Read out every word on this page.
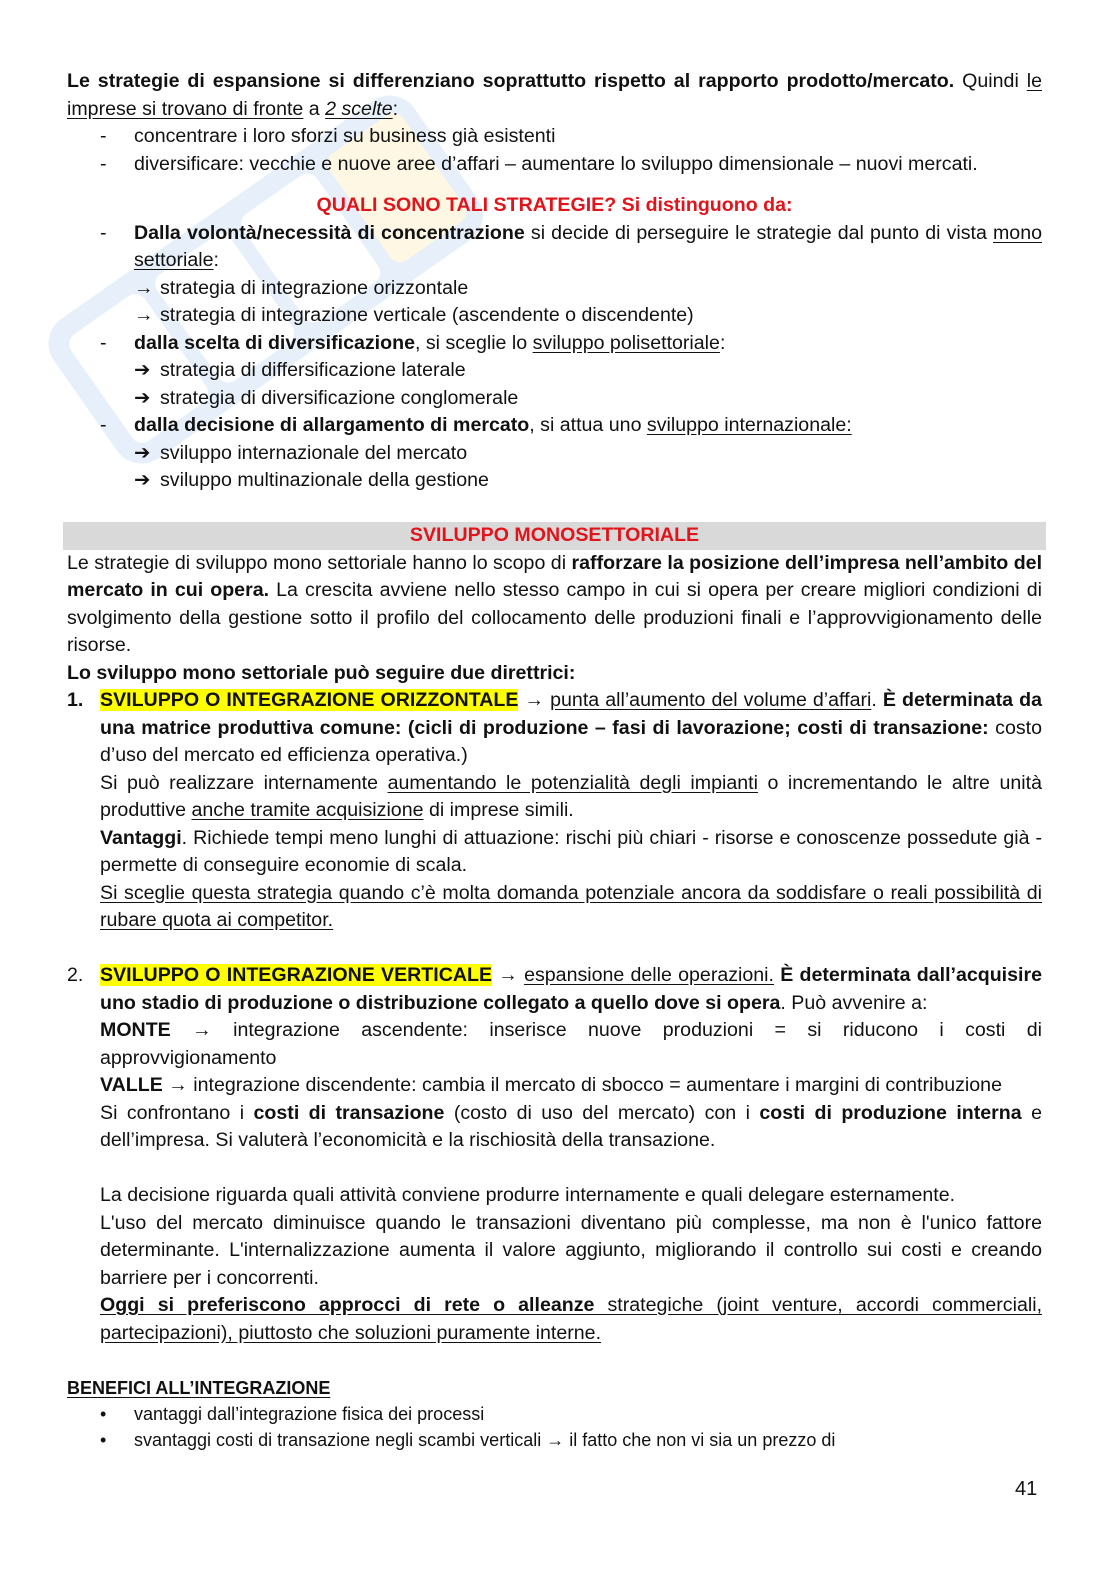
Le strategie di espansione si differenziano soprattutto rispetto al rapporto prodotto/mercato. Quindi le imprese si trovano di fronte a 2 scelte:

-	concentrare i loro sforzi su business già esistenti
-	diversificare: vecchie e nuove aree d’affari – aumentare lo sviluppo dimensionale – nuovi mercati.

QUALI SONO TALI STRATEGIE? Si distinguono da:

-	Dalla volontà/necessità di concentrazione si decide di perseguire le strategie dal punto di vista mono settoriale:

→ strategia di integrazione orizzontale

→ strategia di integrazione verticale (ascendente o discendente)

-	dalla scelta di diversificazione, si sceglie lo sviluppo polisettoriale:

➔ strategia di differsificazione laterale

➔ strategia di diversificazione conglomerale

-	dalla decisione di allargamento di mercato, si attua uno sviluppo internazionale:

➔ sviluppo internazionale del mercato

➔ sviluppo multinazionale della gestione

SVILUPPO MONOSETTORIALE

Le strategie di sviluppo mono settoriale hanno lo scopo di rafforzare la posizione dell’impresa nell’ambito del mercato in cui opera. La crescita avviene nello stesso campo in cui si opera per creare migliori condizioni di svolgimento della gestione sotto il profilo del collocamento delle produzioni finali e l’approvvigionamento delle risorse.

Lo sviluppo mono settoriale può seguire due direttrici:

1. SVILUPPO O INTEGRAZIONE ORIZZONTALE → punta all’aumento del volume d’affari. È determinata da una matrice produttiva comune: (cicli di produzione – fasi di lavorazione; costi di transazione: costo d’uso del mercato ed efficienza operativa.)

Si può realizzare internamente aumentando le potenzialità degli impianti o incrementando le altre unità produttive anche tramite acquisizione di imprese simili.

Vantaggi. Richiede tempi meno lunghi di attuazione: rischi più chiari - risorse e conoscenze possedute già - permette di conseguire economie di scala.

Si sceglie questa strategia quando c’è molta domanda potenziale ancora da soddisfare o reali possibilità di rubare quota ai competitor.

2. SVILUPPO O INTEGRAZIONE VERTICALE → espansione delle operazioni. È determinata dall’acquisire uno stadio di produzione o distribuzione collegato a quello dove si opera. Può avvenire a:

MONTE → integrazione ascendente: inserisce nuove produzioni = si riducono i costi di approvvigionamento

VALLE → integrazione discendente: cambia il mercato di sbocco = aumentare i margini di contribuzione

Si confrontano i costi di transazione (costo di uso del mercato) con i costi di produzione interna e dell’impresa. Si valuterà l’economicità e la rischiosità della transazione.

La decisione riguarda quali attività conviene produrre internamente e quali delegare esternamente.

L'uso del mercato diminuisce quando le transazioni diventano più complesse, ma non è l'unico fattore determinante. L'internalizzazione aumenta il valore aggiunto, migliorando il controllo sui costi e creando barriere per i concorrenti.

Oggi si preferiscono approcci di rete o alleanze strategiche (joint venture, accordi commerciali, partecipazioni), piuttosto che soluzioni puramente interne.

BENEFICI ALL’INTEGRAZIONE

•	vantaggi dall’integrazione fisica dei processi
•	svantaggi costi di transazione negli scambi verticali → il fatto che non vi sia un prezzo di
41
